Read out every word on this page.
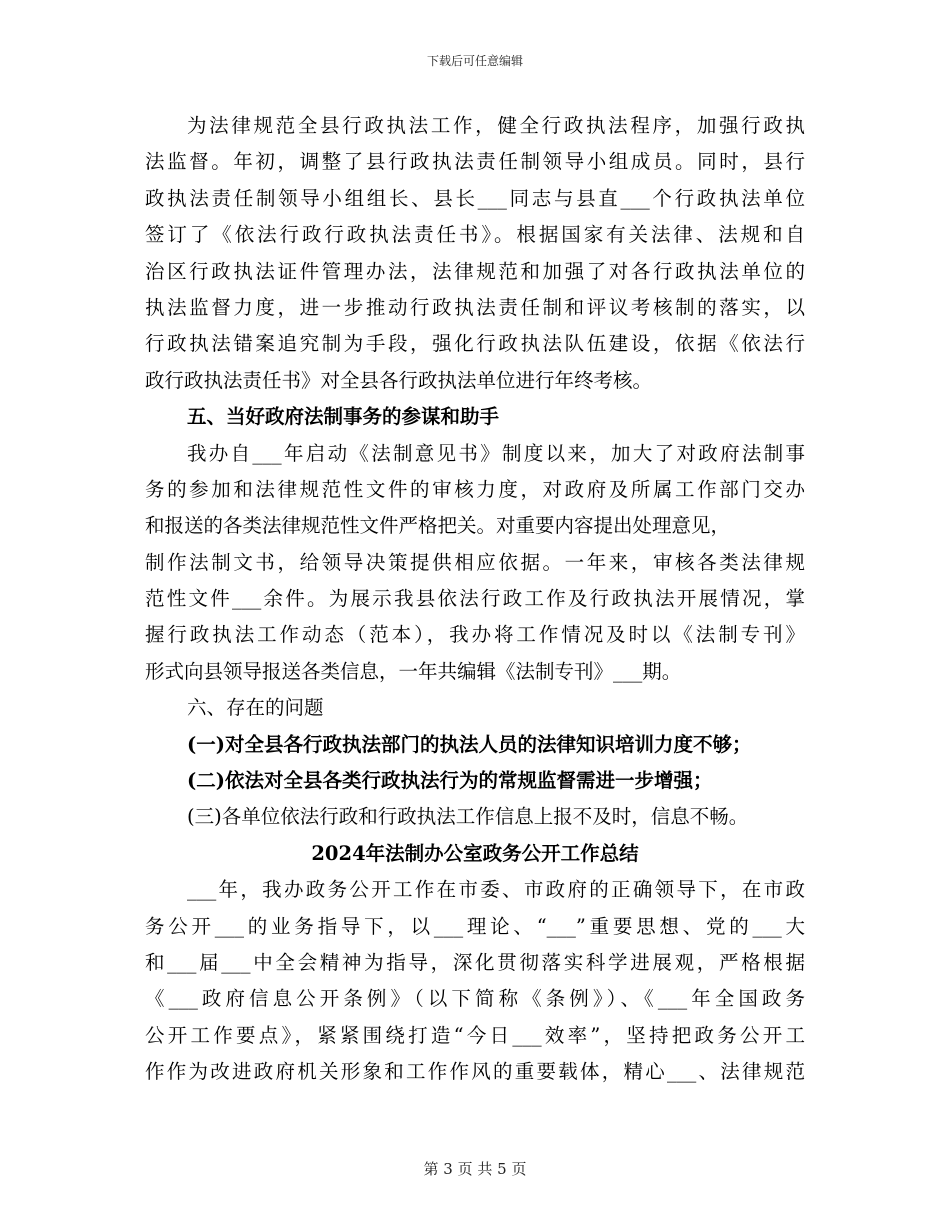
下载后可任意编辑
为法律规范全县行政执法工作，健全行政执法程序，加强行政执
法监督。年初，调整了县行政执法责任制领导小组成员。同时，县行
政执法责任制领导小组组长、县长___同志与县直___个行政执法单位
签订了《依法行政行政执法责任书》。根据国家有关法律、法规和自
治区行政执法证件管理办法，法律规范和加强了对各行政执法单位的
执法监督力度，进一步推动行政执法责任制和评议考核制的落实，以
行政执法错案追究制为手段，强化行政执法队伍建设，依据《依法行
政行政执法责任书》对全县各行政执法单位进行年终考核。
五、当好政府法制事务的参谋和助手
我办自___年启动《法制意见书》制度以来，加大了对政府法制事
务的参加和法律规范性文件的审核力度，对政府及所属工作部门交办
和报送的各类法律规范性文件严格把关。对重要内容提出处理意见，
制作法制文书，给领导决策提供相应依据。一年来，审核各类法律规
范性文件___余件。为展示我县依法行政工作及行政执法开展情况，掌
握行政执法工作动态（范本），我办将工作情况及时以《法制专刊》
形式向县领导报送各类信息，一年共编辑《法制专刊》___期。
六、存在的问题
(一)对全县各行政执法部门的执法人员的法律知识培训力度不够；
(二)依法对全县各类行政执法行为的常规监督需进一步增强；
(三)各单位依法行政和行政执法工作信息上报不及时，信息不畅。
2024年法制办公室政务公开工作总结
___年，我办政务公开工作在市委、市政府的正确领导下，在市政
务公开___的业务指导下，以___理论、“___”重要思想、党的___大
和___届___中全会精神为指导，深化贯彻落实科学进展观，严格根据
《___政府信息公开条例》（以下简称《条例》）、《___年全国政务
公开工作要点》，紧紧围绕打造“今日___效率”，坚持把政务公开工
作作为改进政府机关形象和工作作风的重要载体，精心___、法律规范
第 3 页 共 5 页
